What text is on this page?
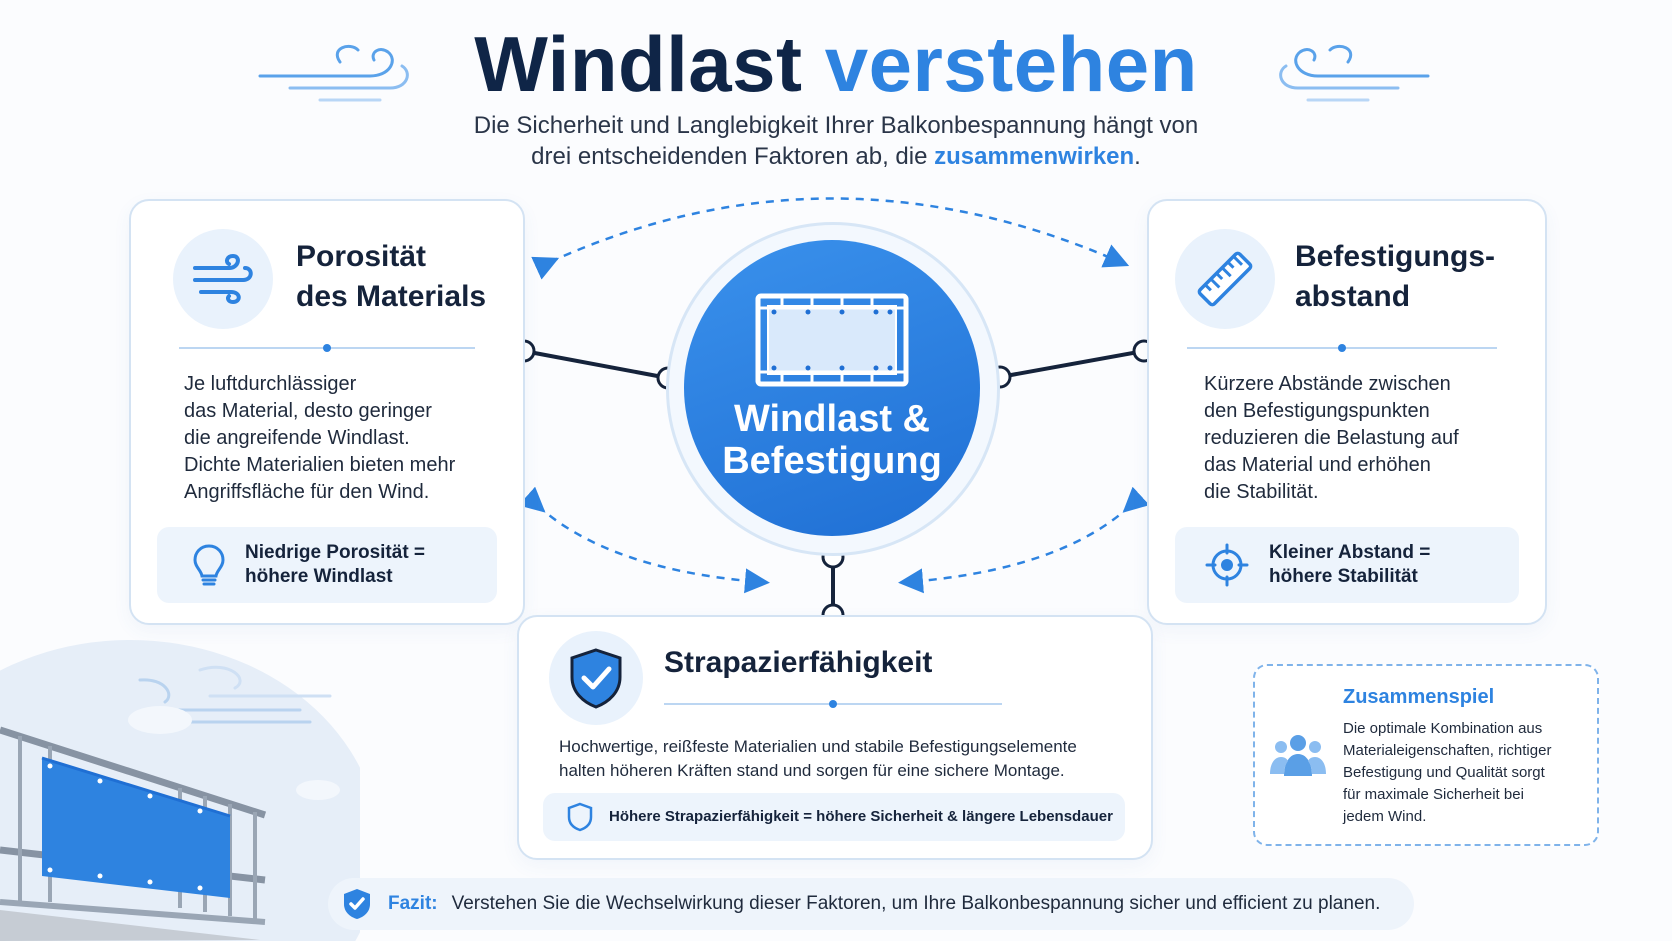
Windlast verstehen
Die Sicherheit und Langlebigkeit Ihrer Balkonbespannung hängt von
drei entscheidenden Faktoren ab, die zusammenwirken.
Porosität
des Materials
Je luftdurchlässiger
das Material, desto geringer
die angreifende Windlast.
Dichte Materialien bieten mehr
Angriffsfläche für den Wind.
Niedrige Porosität =
höhere Windlast
Befestigungs-
abstand
Kürzere Abstände zwischen
den Befestigungspunkten
reduzieren die Belastung auf
das Material und erhöhen
die Stabilität.
Kleiner Abstand =
höhere Stabilität
Windlast &
Befestigung
Strapazierfähigkeit
Hochwertige, reißfeste Materialien und stabile Befestigungselemente
halten höheren Kräften stand und sorgen für eine sichere Montage.
Höhere Strapazierfähigkeit = höhere Sicherheit & längere Lebensdauer
Zusammenspiel
Die optimale Kombination aus
Materialeigenschaften, richtiger
Befestigung und Qualität sorgt
für maximale Sicherheit bei
jedem Wind.
Fazit: Verstehen Sie die Wechselwirkung dieser Faktoren, um Ihre Balkonbespannung sicher und efficient zu planen.
